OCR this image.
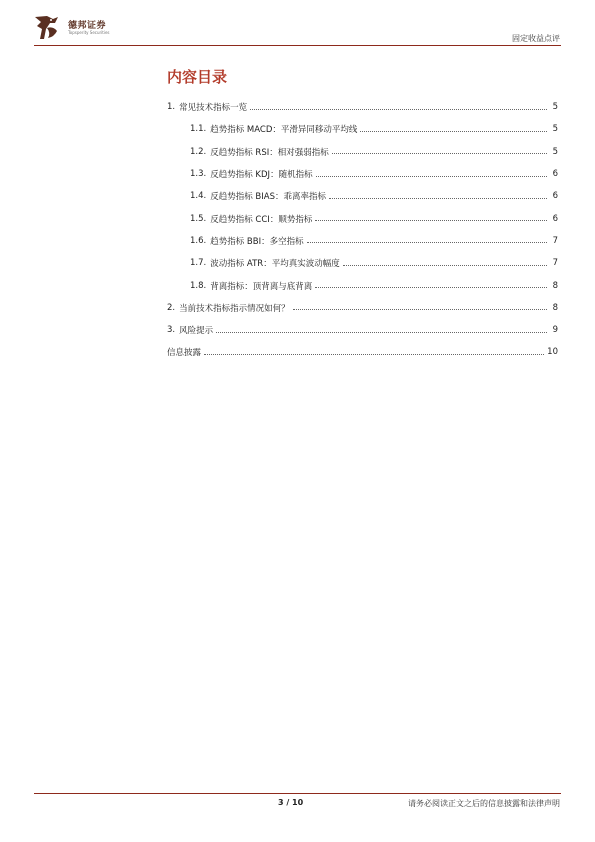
德邦证券
Topsperity Securities
固定收益点评
内容目录
1. 常见技术指标一览	5
1.1. 趋势指标 MACD：平滑异同移动平均线	5
1.2. 反趋势指标 RSI：相对强弱指标	5
1.3. 反趋势指标 KDJ：随机指标	6
1.4. 反趋势指标 BIAS：乖离率指标	6
1.5. 反趋势指标 CCI：顺势指标	6
1.6. 趋势指标 BBI：多空指标	7
1.7. 波动指标 ATR：平均真实波动幅度	7
1.8. 背离指标：顶背离与底背离	8
2. 当前技术指标指示情况如何？	8
3. 风险提示	9
信息披露	10
3 / 10	请务必阅读正文之后的信息披露和法律声明
